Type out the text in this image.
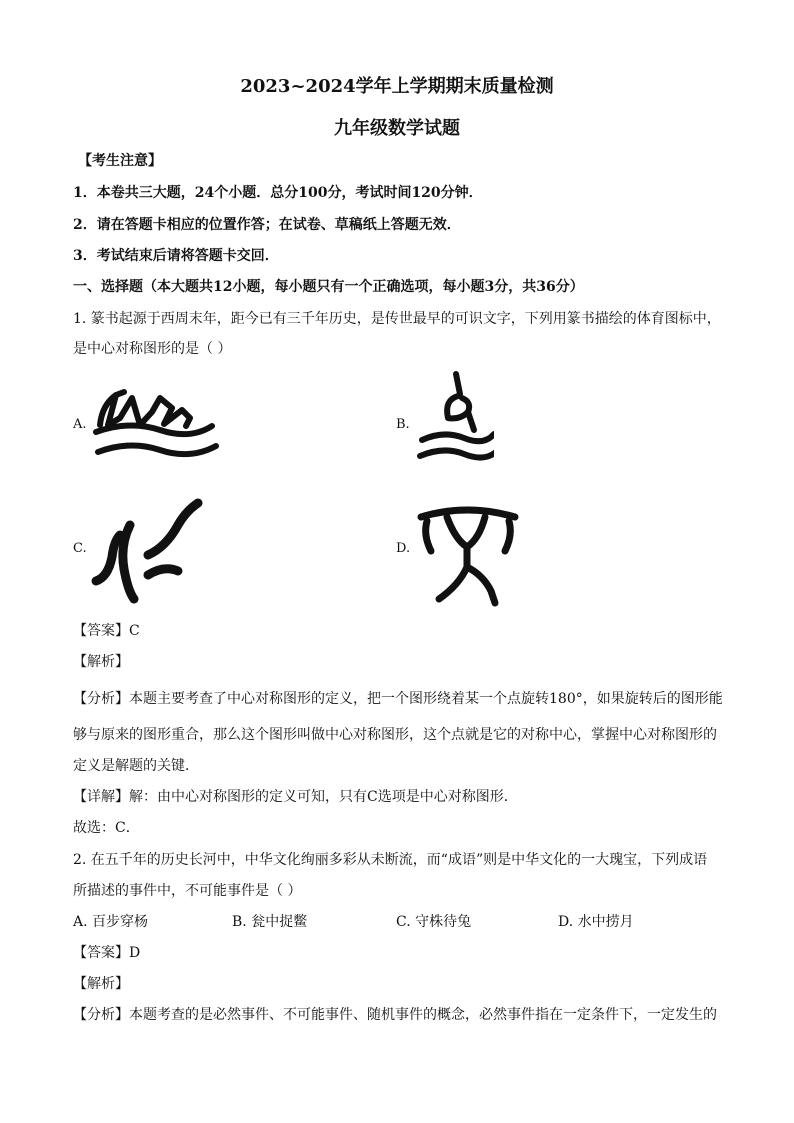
2023~2024学年上学期期末质量检测
九年级数学试题
【考生注意】
1．本卷共三大题，24个小题．总分100分，考试时间120分钟．
2．请在答题卡相应的位置作答；在试卷、草稿纸上答题无效．
3．考试结束后请将答题卡交回．
一、选择题（本大题共12小题，每小题只有一个正确选项，每小题3分，共36分）
1. 篆书起源于西周末年，距今已有三千年历史，是传世最早的可识文字，下列用篆书描绘的体育图标中，
是中心对称图形的是（ ）
A.	B.
C.	D.
【答案】C
【解析】
【分析】本题主要考查了中心对称图形的定义，把一个图形绕着某一个点旋转180°，如果旋转后的图形能
够与原来的图形重合，那么这个图形叫做中心对称图形，这个点就是它的对称中心，掌握中心对称图形的
定义是解题的关键．
【详解】解：由中心对称图形的定义可知，只有C选项是中心对称图形．
故选：C．
2. 在五千年的历史长河中，中华文化绚丽多彩从未断流，而“成语”则是中华文化的一大瑰宝，下列成语
所描述的事件中，不可能事件是（ ）
A. 百步穿杨	B. 瓮中捉鳖	C. 守株待兔	D. 水中捞月
【答案】D
【解析】
【分析】本题考查的是必然事件、不可能事件、随机事件的概念，必然事件指在一定条件下，一定发生的
